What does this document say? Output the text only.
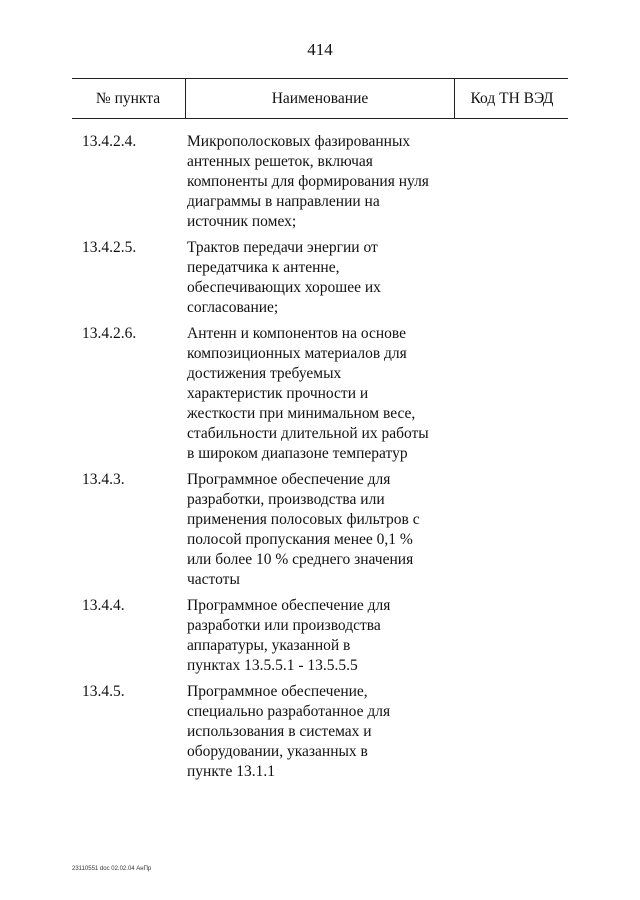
414
№ пункта	Наименование	Код ТН ВЭД
13.4.2.4.	Микрополосковых фазированных
антенных решеток, включая
компоненты для формирования нуля
диаграммы в направлении на
источник помех;
13.4.2.5.	Трактов передачи энергии от
передатчика к антенне,
обеспечивающих хорошее их
согласование;
13.4.2.6.	Антенн и компонентов на основе
композиционных материалов для
достижения требуемых
характеристик прочности и
жесткости при минимальном весе,
стабильности длительной их работы
в широком диапазоне температур
13.4.3.	Программное обеспечение для
разработки, производства или
применения полосовых фильтров с
полосой пропускания менее 0,1 %
или более 10 % среднего значения
частоты
13.4.4.	Программное обеспечение для
разработки или производства
аппаратуры, указанной в
пунктах 13.5.5.1 - 13.5.5.5
13.4.5.	Программное обеспечение,
специально разработанное для
использования в системах и
оборудовании, указанных в
пункте 13.1.1
23110551 doc 02.02.04 АнПр
